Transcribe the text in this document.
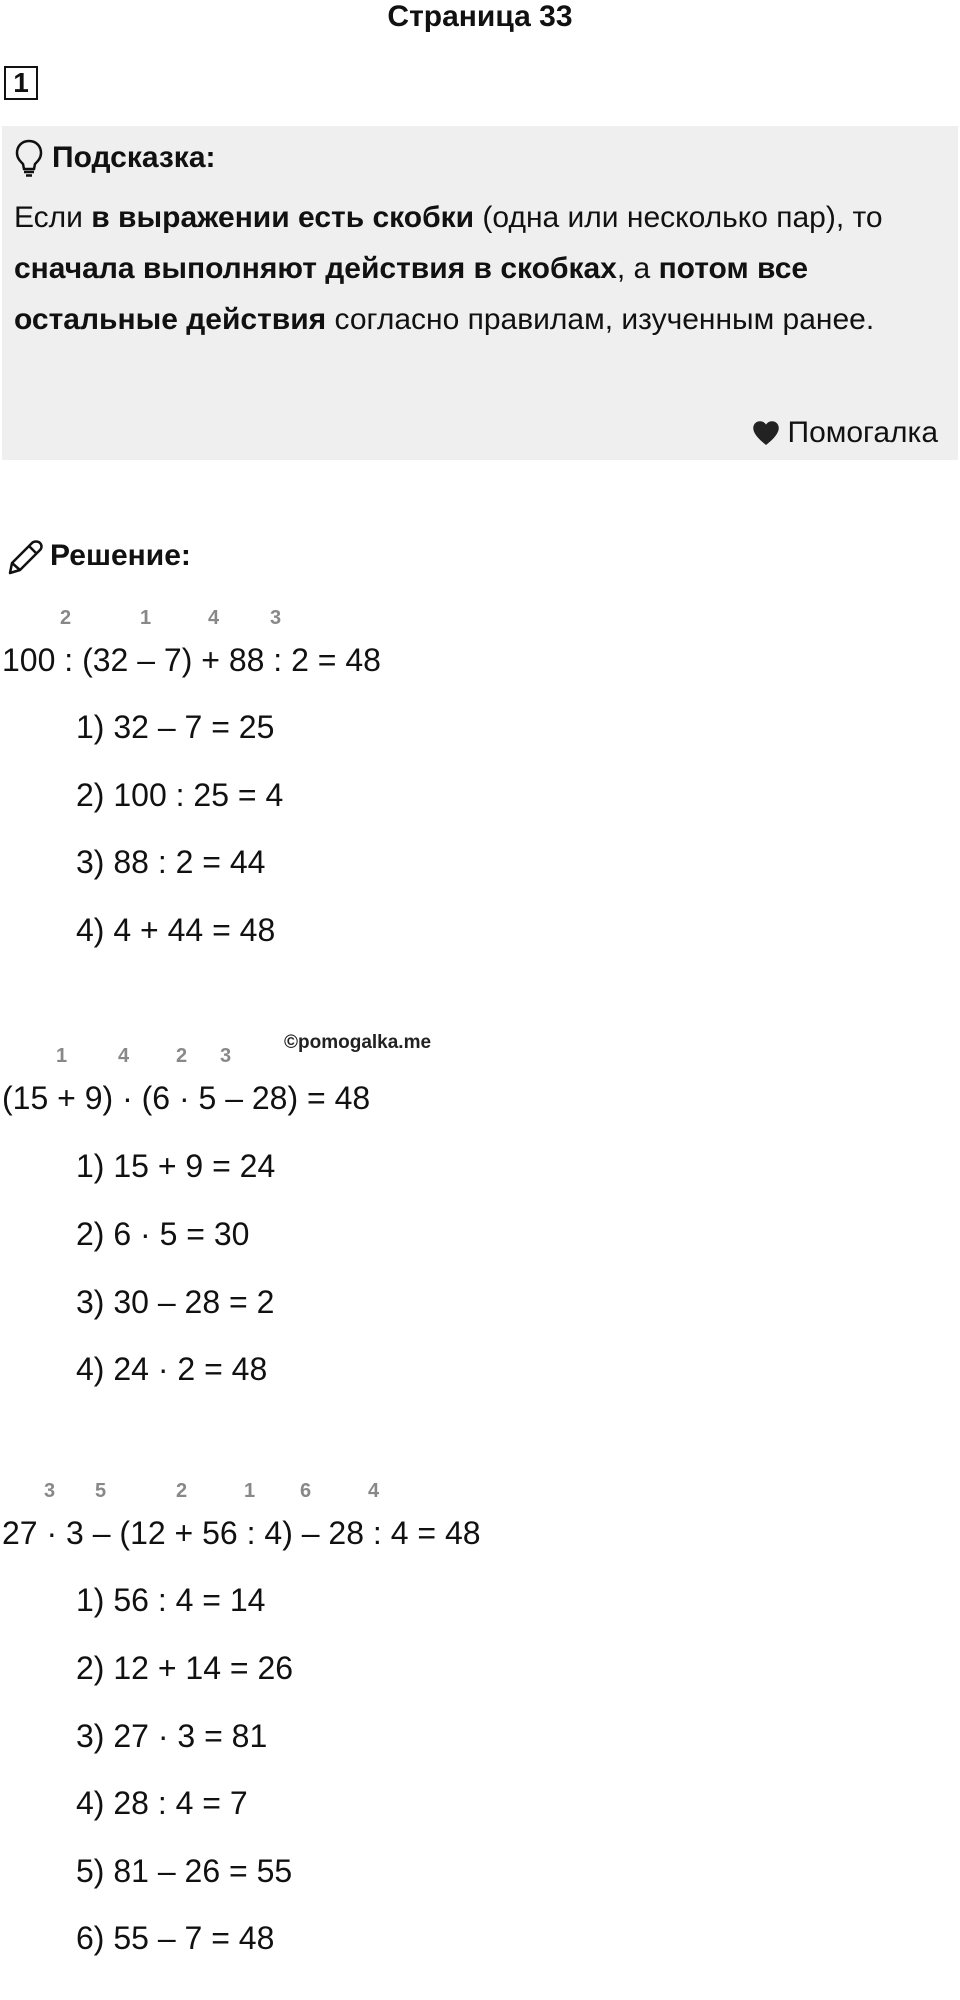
Страница 33
1
Подсказка:
Если в выражении есть скобки (одна или несколько пар), то сначала выполняют действия в скобках, а потом все остальные действия согласно правилам, изученным ранее.
Помогалка
Решение:
©pomogalka.me
2	1	4	3
100 : (32 – 7) + 88 : 2 = 48
1) 32 – 7 = 25
2) 100 : 25 = 4
3) 88 : 2 = 44
4) 4 + 44 = 48
1	4 2 3
(15 + 9) · (6 · 5 – 28) = 48
1) 15 + 9 = 24
2) 6 · 5 = 30
3) 30 – 28 = 2
4) 24 · 2 = 48
3 5	2	1 6	4
27 · 3 – (12 + 56 : 4) – 28 : 4 = 48
1) 56 : 4 = 14
2) 12 + 14 = 26
3) 27 · 3 = 81
4) 28 : 4 = 7
5) 81 – 26 = 55
6) 55 – 7 = 48
